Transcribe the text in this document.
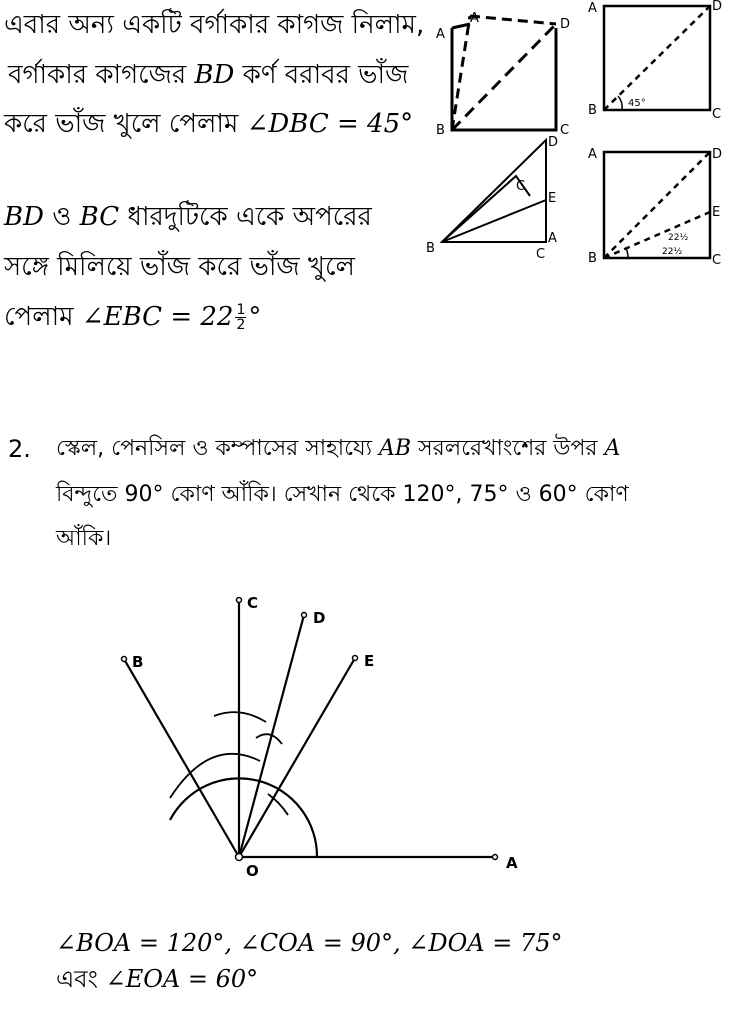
এবার অন্য একটি বর্গাকার কাগজ নিলাম,
বর্গাকার কাগজের BD কর্ণ বরাবর ভাঁজ
করে ভাঁজ খুলে পেলাম ∠DBC = 45°
BD ও BC ধারদুটিকে একে অপরের
সঙ্গে মিলিয়ে ভাঁজ করে ভাঁজ খুলে
পেলাম ∠EBC = $22 \frac{1}{2}$ °
2. স্কেল, পেনসিল ও কম্পাসের সাহায্যে AB সরলরেখাংশের উপর A
বিন্দুতে 90° কোণ আঁকি। সেখান থেকে 120°, 75° ও 60° কোণ
আঁকি।
A
A	D
B	C
A	D
B	C
45°
D
C
E
B
A
C
A	D
E
B	C
22½
22½
O	A
C
B
D
E
∠BOA = 120°, ∠COA = 90°, ∠DOA = 75°
এবং ∠EOA = 60°
